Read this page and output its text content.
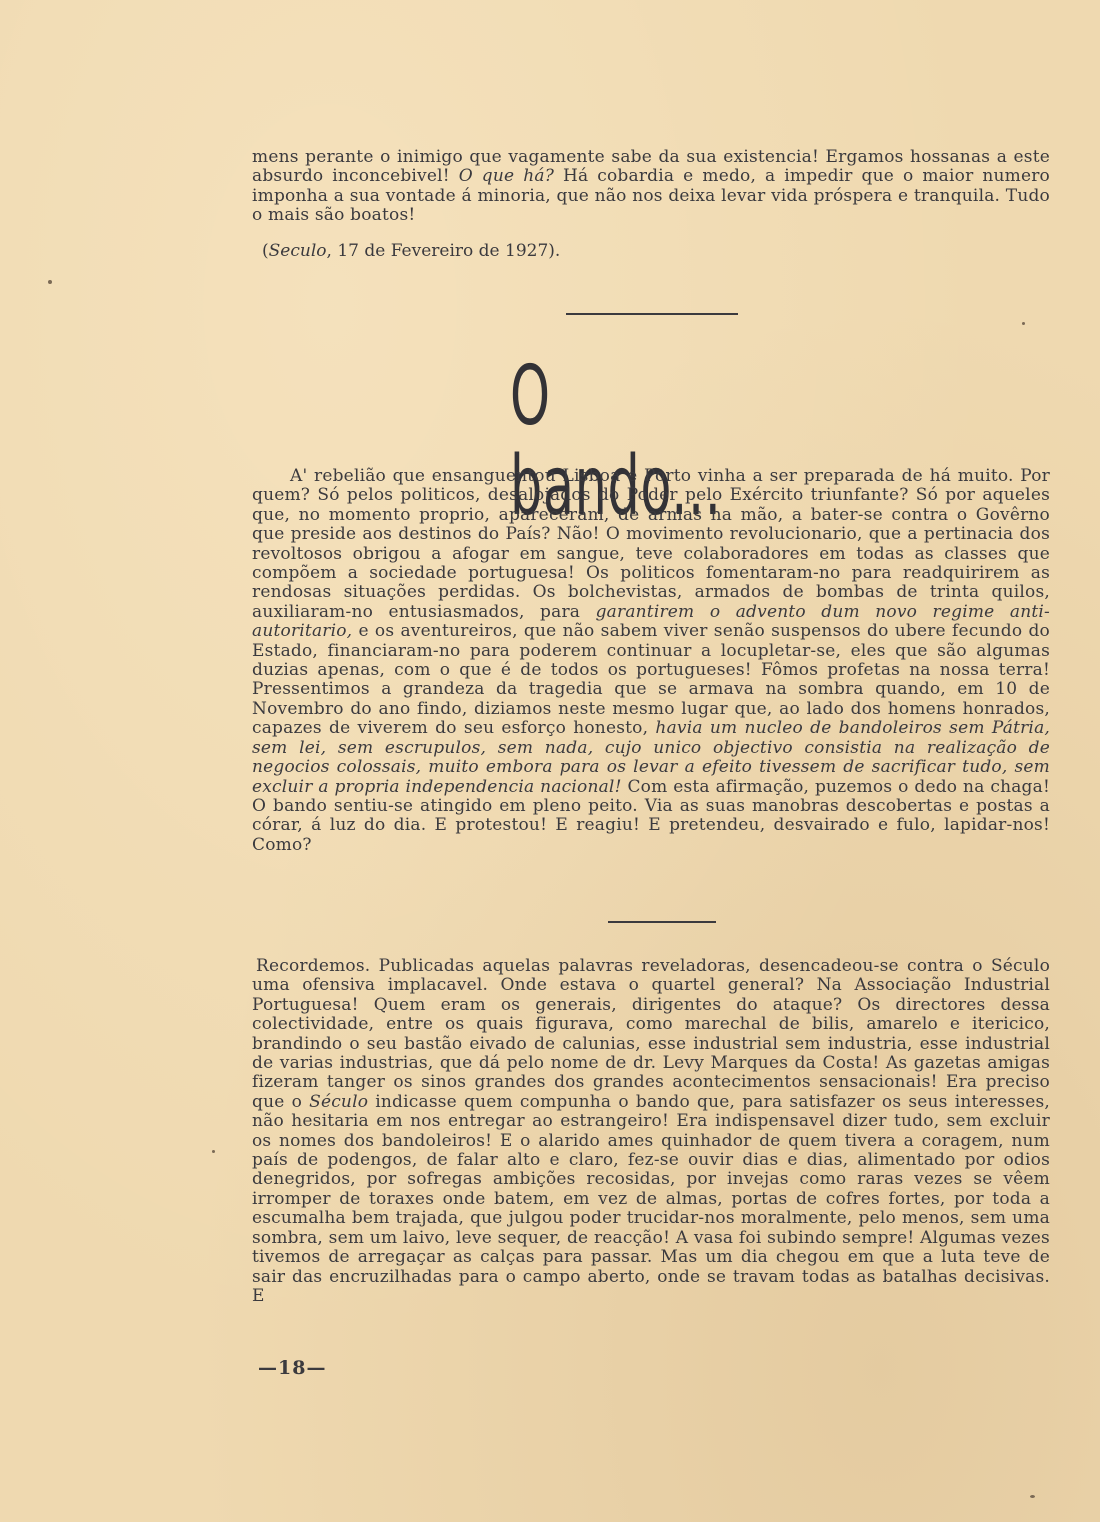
mens perante o inimigo que vagamente sabe da sua existencia! Ergamos hossanas a este absurdo inconcebivel! O que há? Há cobardia e medo, a impedir que o maior numero imponha a sua vontade á minoria, que não nos deixa levar vida próspera e tranquila. Tudo o mais são boatos!

(Seculo, 17 de Fevereiro de 1927).
O bando...

A' rebelião que ensanguentou Lisboa e Porto vinha a ser preparada de há muito. Por quem? Só pelos politicos, desalojados do Poder pelo Exército triunfante? Só por aqueles que, no momento proprio, apareceram, de armas na mão, a bater-se contra o Govêrno que preside aos destinos do País? Não! O movimento revolucionario, que a pertinacia dos revoltosos obrigou a afogar em sangue, teve colaboradores em todas as classes que compõem a sociedade portuguesa! Os politicos fomentaram-no para readquirirem as rendosas situações perdidas. Os bolchevistas, armados de bombas de trinta quilos, auxiliaram-no entusiasmados, para garantirem o advento dum novo regime anti-autoritario, e os aventureiros, que não sabem viver senão suspensos do ubere fecundo do Estado, financiaram-no para poderem continuar a locupletar-se, eles que são algumas duzias apenas, com o que é de todos os portugueses! Fômos profetas na nossa terra! Pressentimos a grandeza da tragedia que se armava na sombra quando, em 10 de Novembro do ano findo, diziamos neste mesmo lugar que, ao lado dos homens honrados, capazes de viverem do seu esforço honesto, havia um nucleo de bandoleiros sem Pátria, sem lei, sem escrupulos, sem nada, cujo unico objectivo consistia na realização de negocios colossais, muito embora para os levar a efeito tivessem de sacrificar tudo, sem excluir a propria independencia nacional! Com esta afirmação, puzemos o dedo na chaga! O bando sentiu-se atingido em pleno peito. Via as suas manobras descobertas e postas a córar, á luz do dia. E protestou! E reagiu! E pretendeu, desvairado e fulo, lapidar-nos! Como?

Recordemos. Publicadas aquelas palavras reveladoras, desencadeou-se contra o Século uma ofensiva implacavel. Onde estava o quartel general? Na Associação Industrial Portuguesa! Quem eram os generais, dirigentes do ataque? Os directores dessa colectividade, entre os quais figurava, como marechal de bilis, amarelo e itericico, brandindo o seu bastão eivado de calunias, esse industrial sem industria, esse industrial de varias industrias, que dá pelo nome de dr. Levy Marques da Costa! As gazetas amigas fizeram tanger os sinos grandes dos grandes acontecimentos sensacionais! Era preciso que o Século indicasse quem compunha o bando que, para satisfazer os seus interesses, não hesitaria em nos entregar ao estrangeiro! Era indispensavel dizer tudo, sem excluir os nomes dos bandoleiros! E o alarido ames quinhador de quem tivera a coragem, num país de podengos, de falar alto e claro, fez-se ouvir dias e dias, alimentado por odios denegridos, por sofregas ambições recosidas, por invejas como raras vezes se vêem irromper de toraxes onde batem, em vez de almas, portas de cofres fortes, por toda a escumalha bem trajada, que julgou poder trucidar-nos moralmente, pelo menos, sem uma sombra, sem um laivo, leve sequer, de reacção! A vasa foi subindo sempre! Algumas vezes tivemos de arregaçar as calças para passar. Mas um dia chegou em que a luta teve de sair das encruzilhadas para o campo aberto, onde se travam todas as batalhas decisivas. E

—18—
